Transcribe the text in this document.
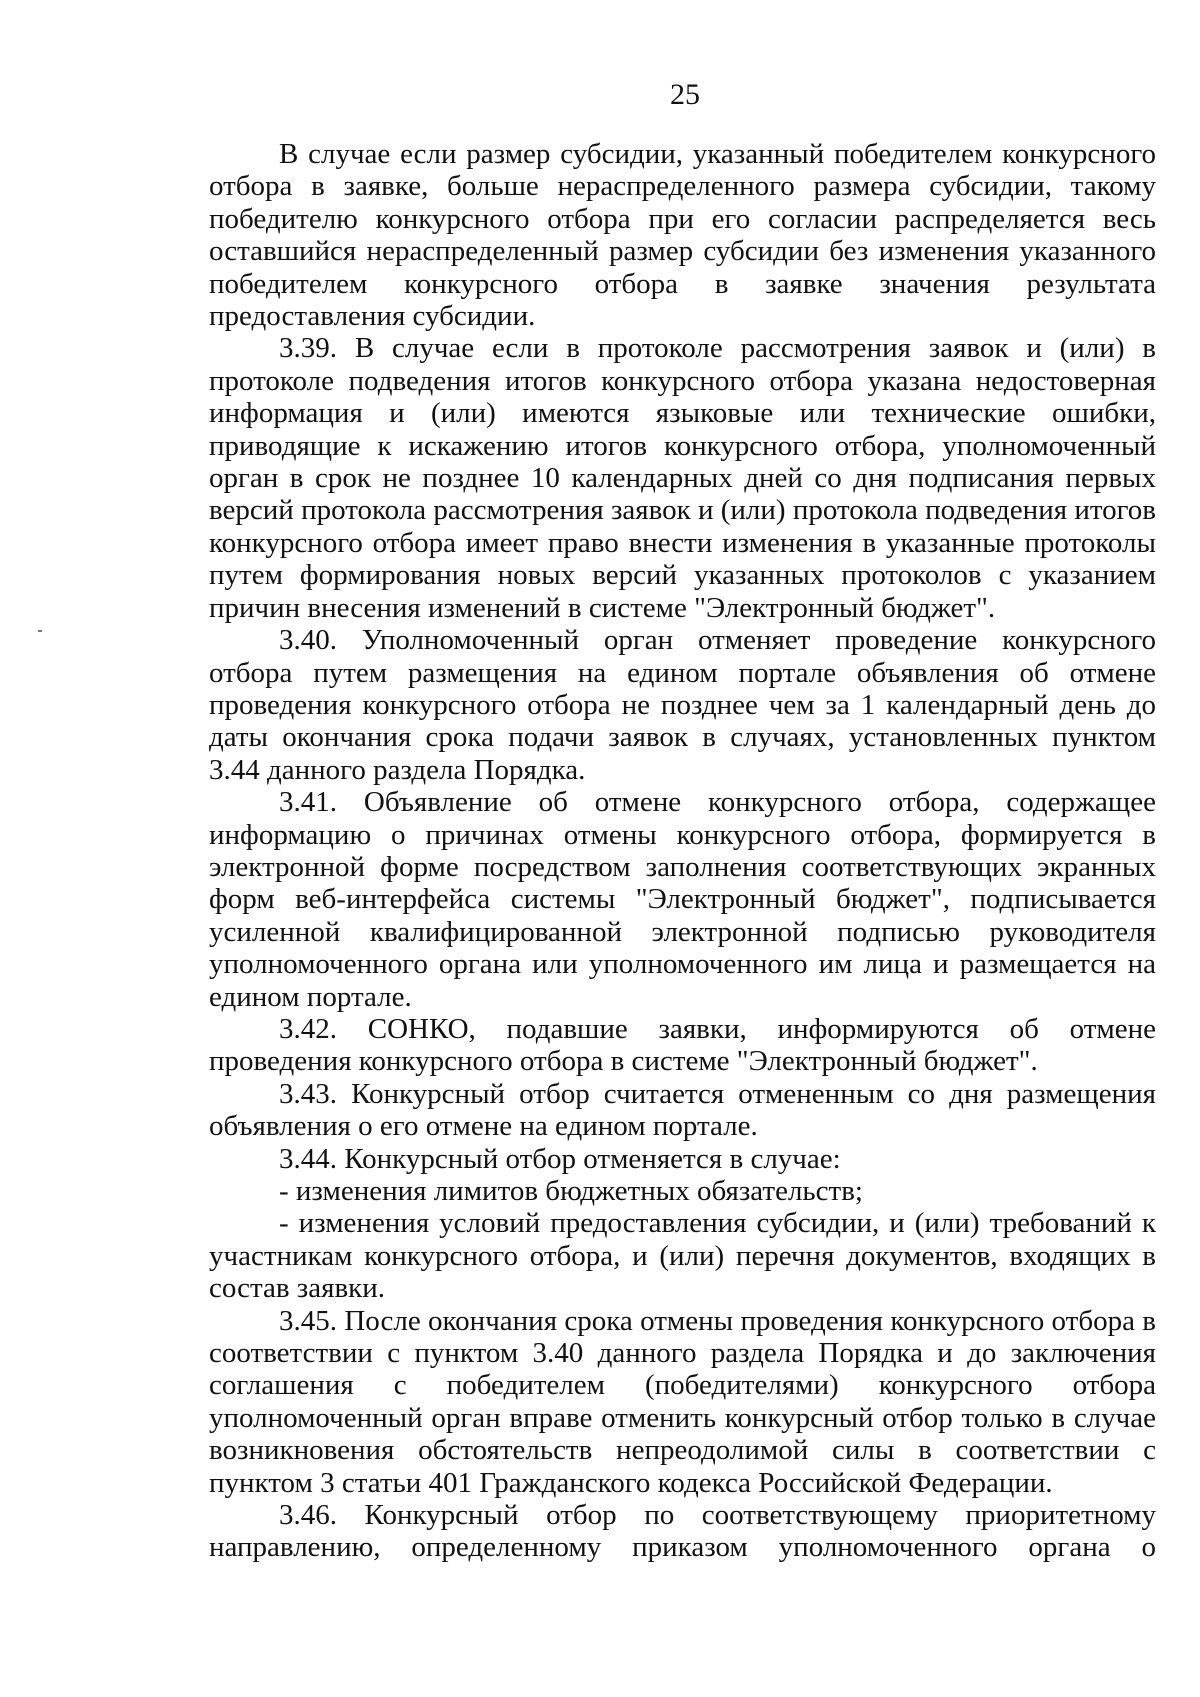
25

В случае если размер субсидии, указанный победителем конкурсного отбора в заявке, больше нераспределенного размера субсидии, такому победителю конкурсного отбора при его согласии распределяется весь оставшийся нераспределенный размер субсидии без изменения указанного победителем конкурсного отбора в заявке значения результата предоставления субсидии.

3.39. В случае если в протоколе рассмотрения заявок и (или) в протоколе подведения итогов конкурсного отбора указана недостоверная информация и (или) имеются языковые или технические ошибки, приводящие к искажению итогов конкурсного отбора, уполномоченный орган в срок не позднее 10 календарных дней со дня подписания первых версий протокола рассмотрения заявок и (или) протокола подведения итогов конкурсного отбора имеет право внести изменения в указанные протоколы путем формирования новых версий указанных протоколов с указанием причин внесения изменений в системе "Электронный бюджет".

3.40. Уполномоченный орган отменяет проведение конкурсного отбора путем размещения на едином портале объявления об отмене проведения конкурсного отбора не позднее чем за 1 календарный день до даты окончания срока подачи заявок в случаях, установленных пунктом 3.44 данного раздела Порядка.

3.41. Объявление об отмене конкурсного отбора, содержащее информацию о причинах отмены конкурсного отбора, формируется в электронной форме посредством заполнения соответствующих экранных форм веб-интерфейса системы "Электронный бюджет", подписывается усиленной квалифицированной электронной подписью руководителя уполномоченного органа или уполномоченного им лица и размещается на едином портале.

3.42. СОНКО, подавшие заявки, информируются об отмене проведения конкурсного отбора в системе "Электронный бюджет".

3.43. Конкурсный отбор считается отмененным со дня размещения объявления о его отмене на едином портале.

3.44. Конкурсный отбор отменяется в случае:

- изменения лимитов бюджетных обязательств;

- изменения условий предоставления субсидии, и (или) требований к участникам конкурсного отбора, и (или) перечня документов, входящих в состав заявки.

3.45. После окончания срока отмены проведения конкурсного отбора в соответствии с пунктом 3.40 данного раздела Порядка и до заключения соглашения с победителем (победителями) конкурсного отбора уполномоченный орган вправе отменить конкурсный отбор только в случае возникновения обстоятельств непреодолимой силы в соответствии с пунктом 3 статьи 401 Гражданского кодекса Российской Федерации.

3.46. Конкурсный отбор по соответствующему приоритетному направлению, определенному приказом уполномоченного органа о
